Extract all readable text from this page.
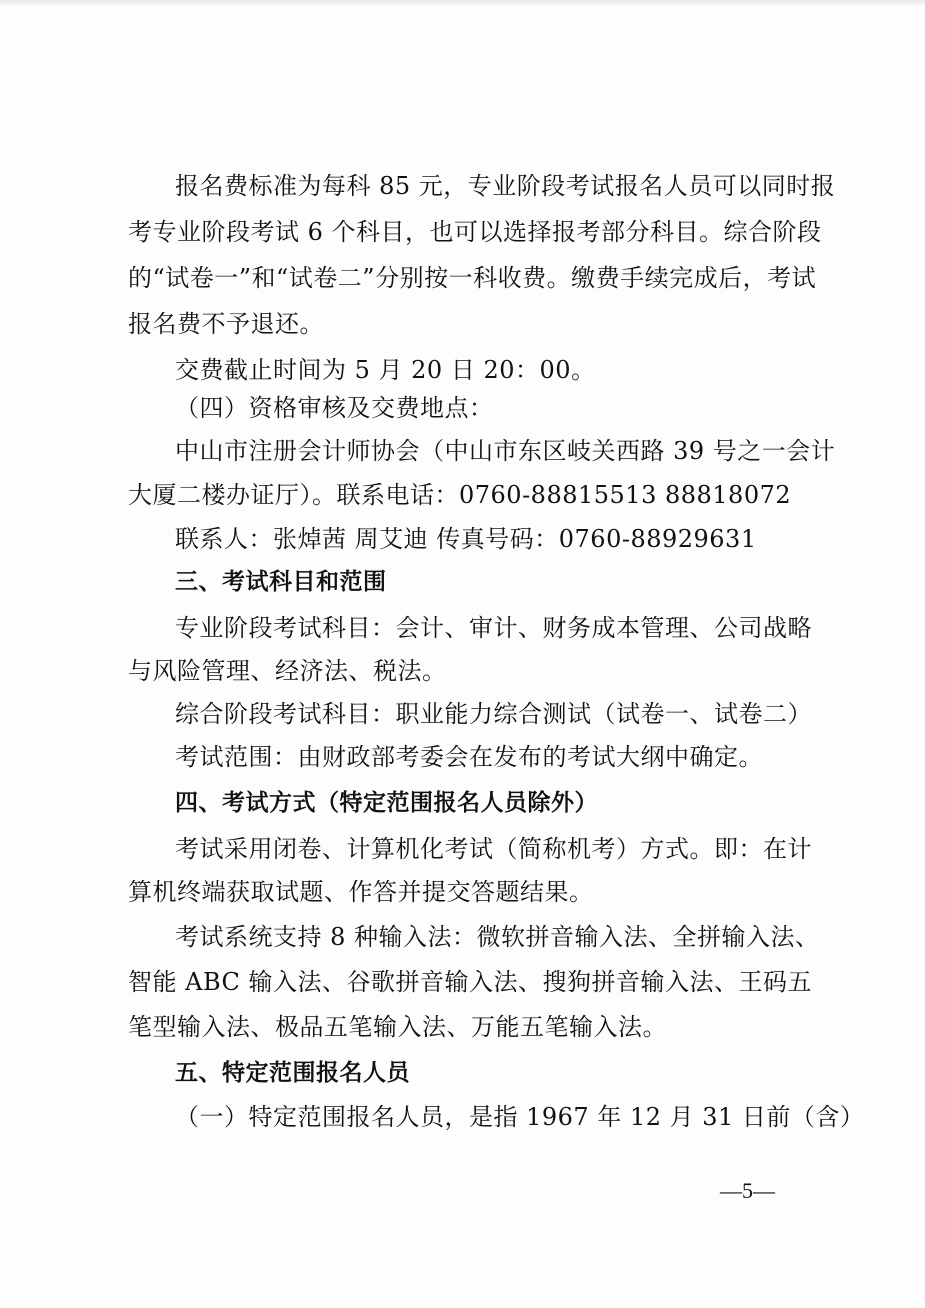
报名费标准为每科 85 元，专业阶段考试报名人员可以同时报
考专业阶段考试 6 个科目，也可以选择报考部分科目。综合阶段
的“试卷一”和“试卷二”分别按一科收费。缴费手续完成后，考试
报名费不予退还。
交费截止时间为 5 月 20 日 20：00。
（四）资格审核及交费地点：
中山市注册会计师协会（中山市东区岐关西路 39 号之一会计
大厦二楼办证厅）。联系电话：0760-88815513 88818072
联系人：张焯茜 周艾迪 传真号码：0760-88929631
三、考试科目和范围
专业阶段考试科目：会计、审计、财务成本管理、公司战略
与风险管理、经济法、税法。
综合阶段考试科目：职业能力综合测试（试卷一、试卷二）
考试范围：由财政部考委会在发布的考试大纲中确定。
四、考试方式（特定范围报名人员除外）
考试采用闭卷、计算机化考试（简称机考）方式。即：在计
算机终端获取试题、作答并提交答题结果。
考试系统支持 8 种输入法：微软拼音输入法、全拼输入法、
智能 ABC 输入法、谷歌拼音输入法、搜狗拼音输入法、王码五
笔型输入法、极品五笔输入法、万能五笔输入法。
五、特定范围报名人员
（一）特定范围报名人员，是指 1967 年 12 月 31 日前（含）
—5—
